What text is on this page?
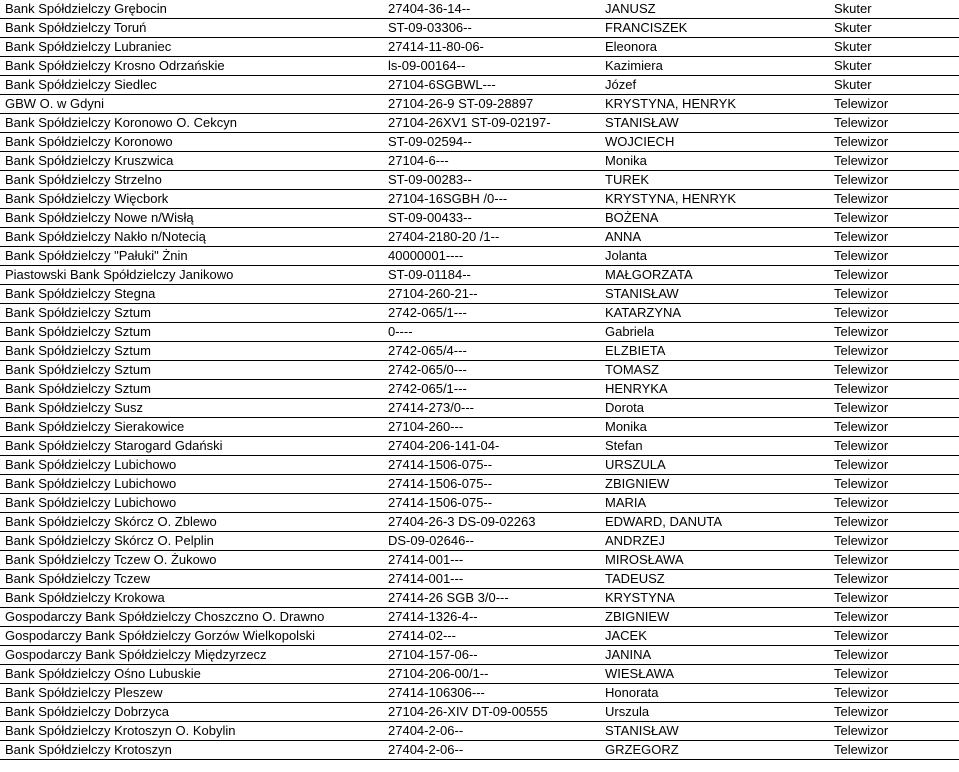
Bank Spółdzielczy Grębocin	27404-36-14--	JANUSZ	Skuter
Bank Spółdzielczy Toruń	ST-09-03306--	FRANCISZEK	Skuter
Bank Spółdzielczy Lubraniec	27414-11-80-06-	Eleonora	Skuter
Bank Spółdzielczy Krosno Odrzańskie	ls-09-00164--	Kazimiera	Skuter
Bank Spółdzielczy Siedlec	27104-6SGBWL---	Józef	Skuter
GBW O. w Gdyni	27104-26-9 ST-09-28897	KRYSTYNA, HENRYK	Telewizor
Bank Spółdzielczy Koronowo O. Cekcyn	27104-26XV1 ST-09-02197-	STANISŁAW	Telewizor
Bank Spółdzielczy Koronowo	ST-09-02594--	WOJCIECH	Telewizor
Bank Spółdzielczy Kruszwica	27104-6---	Monika	Telewizor
Bank Spółdzielczy Strzelno	ST-09-00283--	TUREK	Telewizor
Bank Spółdzielczy Więcbork	27104-16SGBH /0---	KRYSTYNA, HENRYK	Telewizor
Bank Spółdzielczy Nowe n/Wisłą	ST-09-00433--	BOŻENA	Telewizor
Bank Spółdzielczy Nakło n/Notecią	27404-2180-20 /1--	ANNA	Telewizor
Bank Spółdzielczy "Pałuki" Żnin	40000001----	Jolanta	Telewizor
Piastowski Bank Spółdzielczy Janikowo	ST-09-01184--	MAŁGORZATA	Telewizor
Bank Spółdzielczy Stegna	27104-260-21--	STANISŁAW	Telewizor
Bank Spółdzielczy Sztum	2742-065/1---	KATARZYNA	Telewizor
Bank Spółdzielczy Sztum	0----	Gabriela	Telewizor
Bank Spółdzielczy Sztum	2742-065/4---	ELZBIETA	Telewizor
Bank Spółdzielczy Sztum	2742-065/0---	TOMASZ	Telewizor
Bank Spółdzielczy Sztum	2742-065/1---	HENRYKA	Telewizor
Bank Spółdzielczy Susz	27414-273/0---	Dorota	Telewizor
Bank Spółdzielczy Sierakowice	27104-260---	Monika	Telewizor
Bank Spółdzielczy Starogard Gdański	27404-206-141-04-	Stefan	Telewizor
Bank Spółdzielczy Lubichowo	27414-1506-075--	URSZULA	Telewizor
Bank Spółdzielczy Lubichowo	27414-1506-075--	ZBIGNIEW	Telewizor
Bank Spółdzielczy Lubichowo	27414-1506-075--	MARIA	Telewizor
Bank Spółdzielczy Skórcz O. Zblewo	27404-26-3 DS-09-02263	EDWARD, DANUTA	Telewizor
Bank Spółdzielczy Skórcz O. Pelplin	DS-09-02646--	ANDRZEJ	Telewizor
Bank Spółdzielczy Tczew O. Żukowo	27414-001---	MIROSŁAWA	Telewizor
Bank Spółdzielczy Tczew	27414-001---	TADEUSZ	Telewizor
Bank Spółdzielczy Krokowa	27414-26 SGB 3/0---	KRYSTYNA	Telewizor
Gospodarczy Bank Spółdzielczy Choszczno O. Drawno	27414-1326-4--	ZBIGNIEW	Telewizor
Gospodarczy Bank Spółdzielczy Gorzów Wielkopolski	27414-02---	JACEK	Telewizor
Gospodarczy Bank Spółdzielczy Międzyrzecz	27104-157-06--	JANINA	Telewizor
Bank Spółdzielczy Ośno Lubuskie	27104-206-00/1--	WIESŁAWA	Telewizor
Bank Spółdzielczy Pleszew	27414-106306---	Honorata	Telewizor
Bank Spółdzielczy Dobrzyca	27104-26-XIV DT-09-00555	Urszula	Telewizor
Bank Spółdzielczy Krotoszyn O. Kobylin	27404-2-06--	STANISŁAW	Telewizor
Bank Spółdzielczy Krotoszyn	27404-2-06--	GRZEGORZ	Telewizor
